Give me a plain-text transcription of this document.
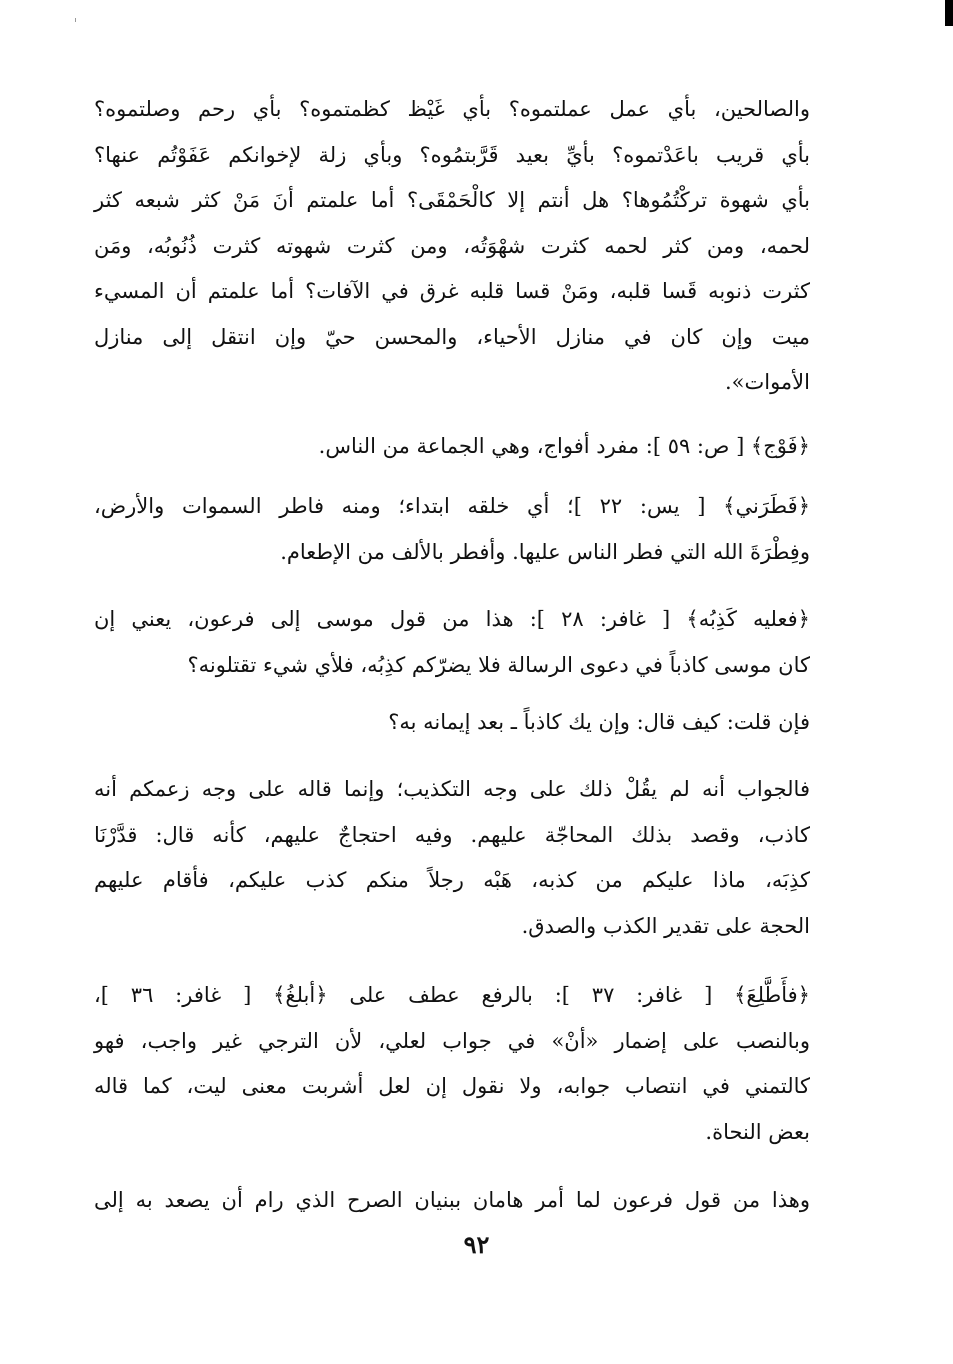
والصالحين، بأي عمل عملتموه؟ بأي غَيْظ كظمتموه؟ بأي رحم وصلتموه؟
بأي قريب باعَدْتموه؟ بأيِّ بعيد قَرَّبتمُوه؟ وبأي زلة لإخوانكم عَفَوْتُم عنها؟
بأي شهوة تركْتُمُوها؟ هل أنتم إلا كالْحَمْقَى؟ أما علمتم أنَ مَنْ كثر شبعه كثر
لحمه، ومن كثر لحمه كثرت شهْوَتُه، ومن كثرت شهوته كثرت ذُنُوبُه، ومَن
كثرت ذنوبه قَسا قلبه، ومَنْ قسا قلبه غرق في الآفات؟ أما علمتم أن المسيء
ميت وإن كان في منازل الأحياء، والمحسن حيّ وإن انتقل إلى منازل
الأموات».
﴿فَوْج﴾ [ ص: ٥٩ ]: مفرد أفواج، وهي الجماعة من الناس.
﴿فَطَرَني﴾ [ يس: ٢٢ ]؛ أي خلقه ابتداء؛ ومنه فاطر السموات والأرض،
وفِطْرَةَ الله التي فطر الناس عليها. وأفطر بالألف من الإطعام.
﴿فعليه كَذِبُه﴾ [ غافر: ٢٨ ]: هذا من قول موسى إلى فرعون، يعني إن
كان موسى كاذباً في دعوى الرسالة فلا يضرّكم كذِبُه، فلأي شيء تقتلونه؟
فإن قلت: كيف قال: وإن يك كاذباً ـ بعد إيمانه به؟
فالجواب أنه لم يقُلْ ذلك على وجه التكذيب؛ وإنما قاله على وجه زعمكم أنه
كاذب، وقصد بذلك المحاجّة عليهم. وفيه احتجاجٌ عليهم، كأنه قال: قدَّرْنَا
كذِبَه، ماذا عليكم من كذبه، هَبْه رجلاً منكم كذب عليكم، فأقام عليهم
الحجة على تقدير الكذب والصدق.
﴿فأَطَّلِعَ﴾ [ غافر: ٣٧ ]: بالرفع عطف على ﴿أبلغُ﴾ [ غافر: ٣٦ ]،
وبالنصب على إضمار «أنْ» في جواب لعلي، لأن الترجي غير واجب، فهو
كالتمني في انتصاب جوابه، ولا نقول إن لعل أشربت معنى ليت، كما قاله
بعض النحاة.
وهذا من قول فرعون لما أمر هامان ببنيان الصرح الذي رام أن يصعد به إلى
٩٢
